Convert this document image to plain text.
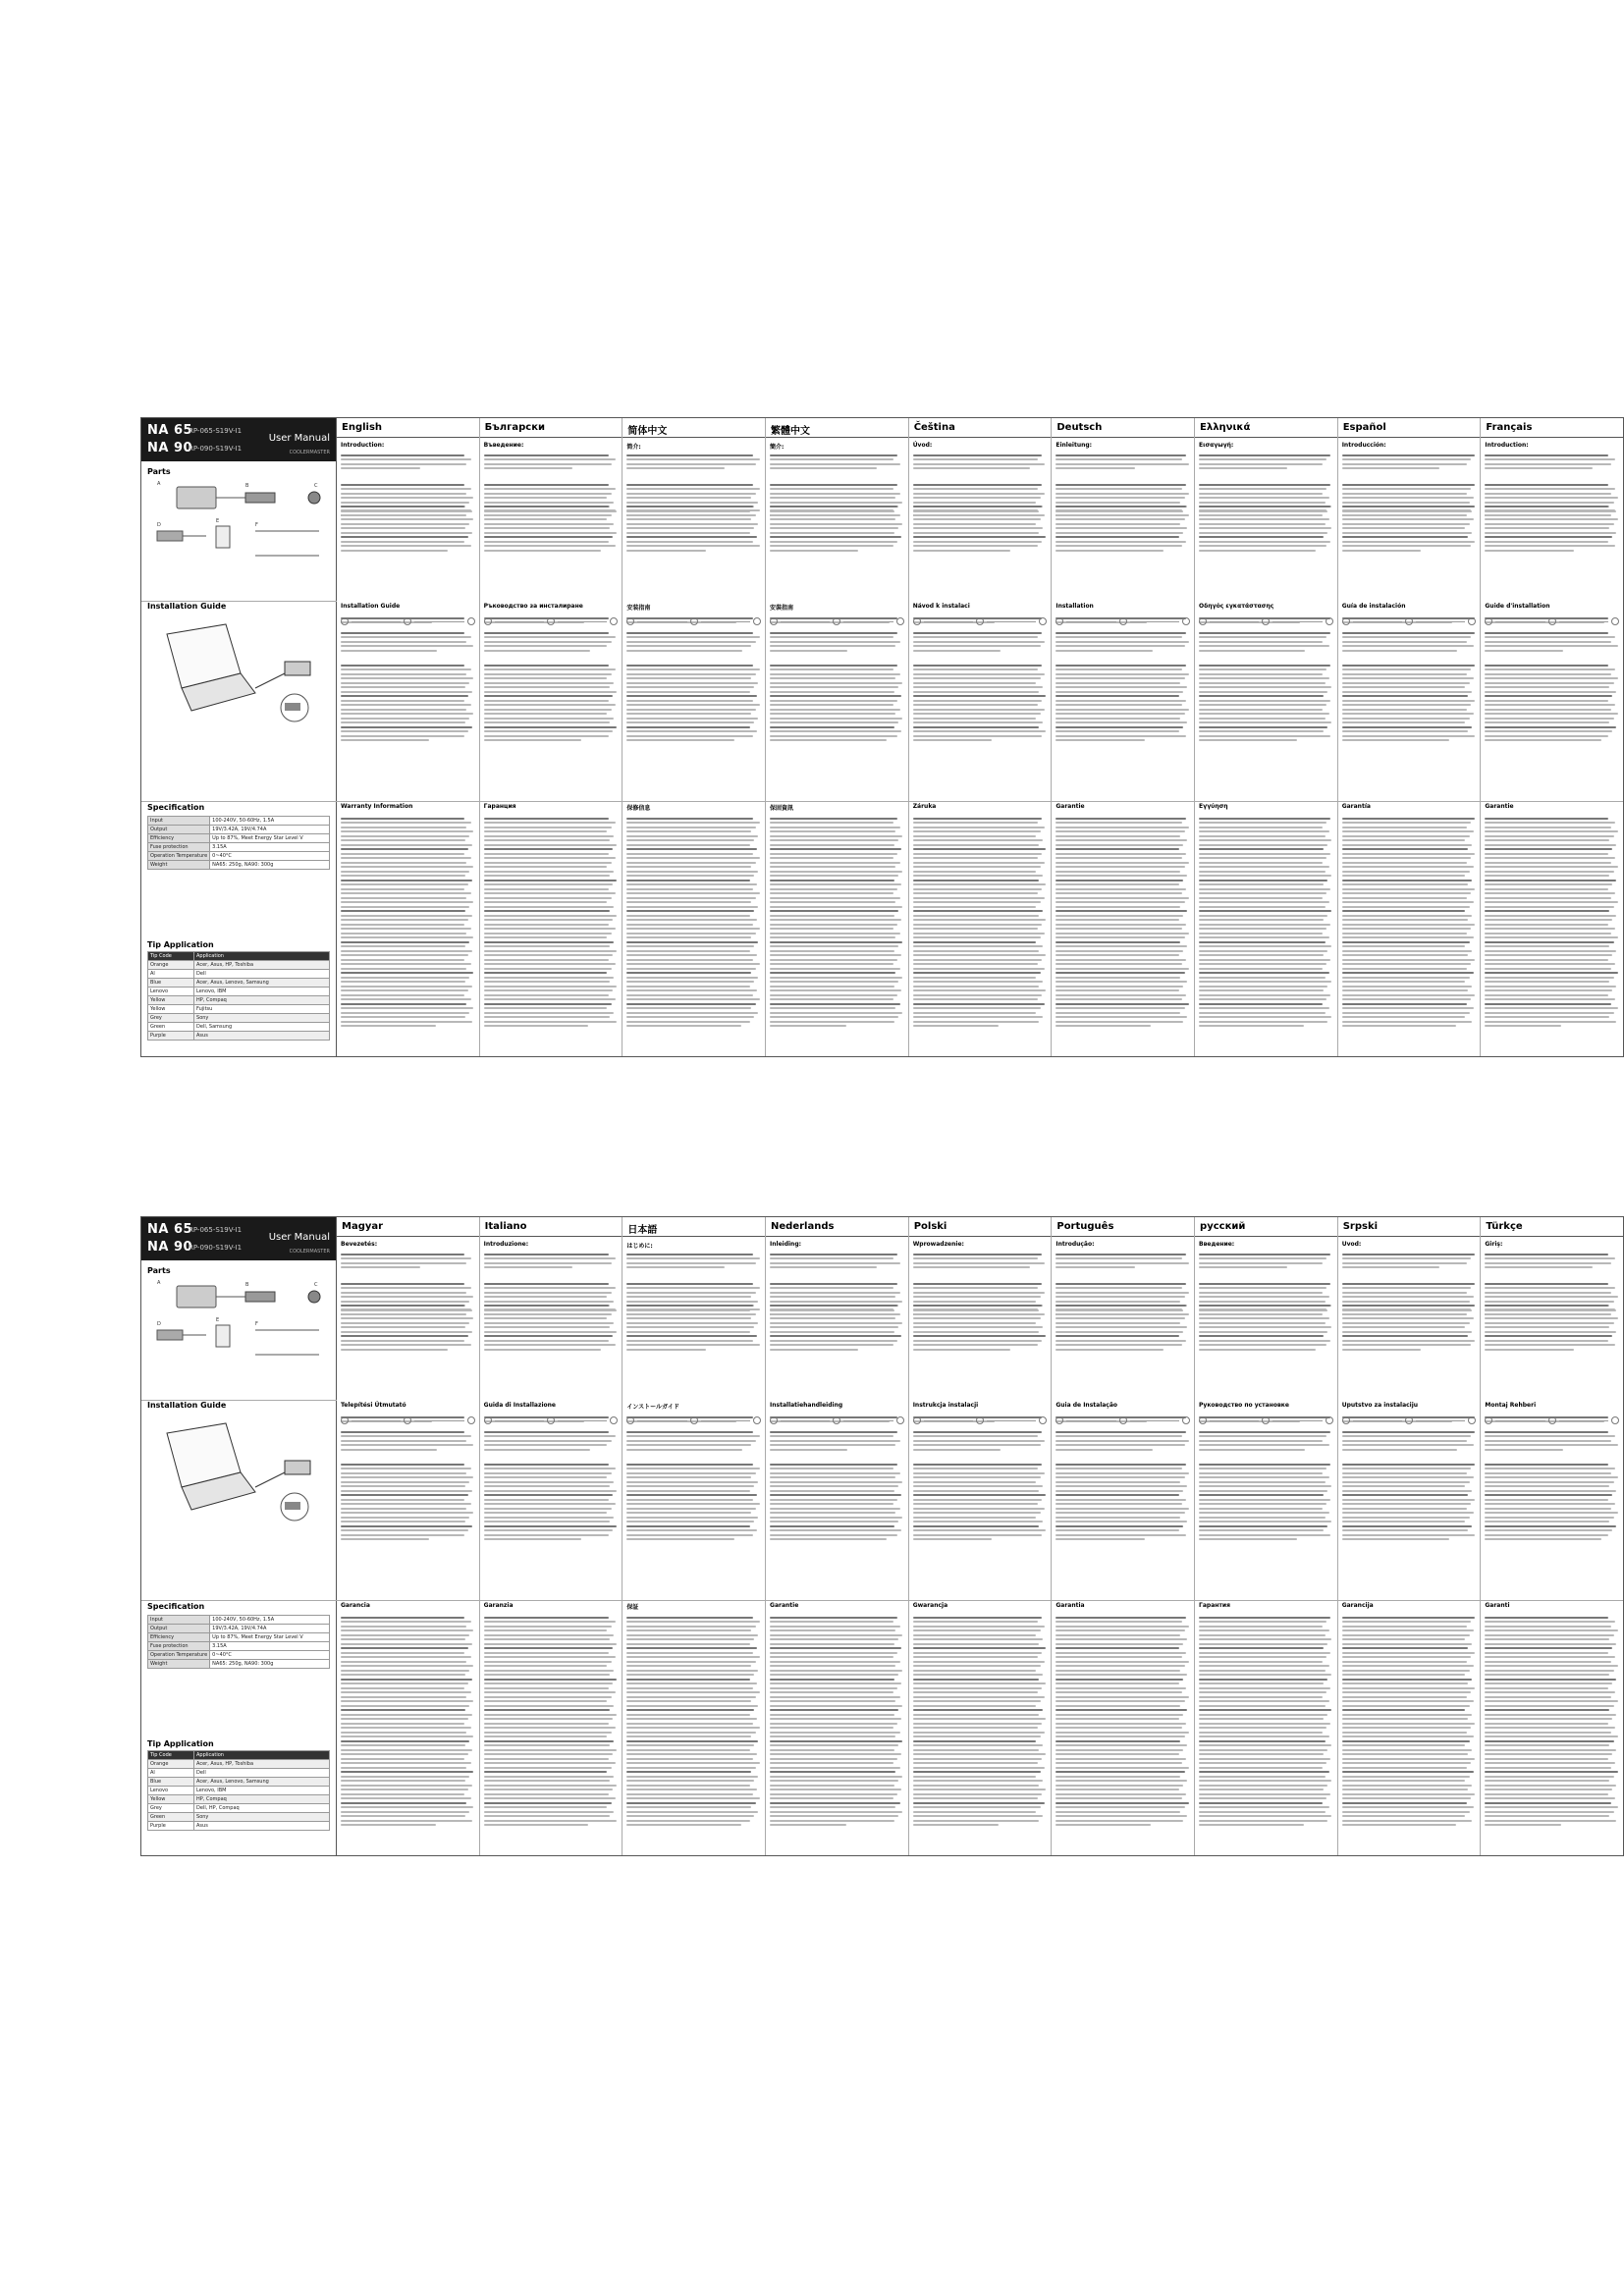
NA 65
NA 90
RP-065-S19V-I1
RP-090-S19V-I1
User Manual
COOLERMASTER
Parts
A	B	C
D
E
F
Installation Guide
Specification
Input	100-240V, 50-60Hz, 1.5A
Output	19V/3.42A, 19V/4.74A
Efficiency	Up to 87%, Meet Energy Star Level V
Fuse protection	3.15A
Operation Temperature	0~40°C
Weight	NA65: 250g, NA90: 300g
Tip Application
Tip Code	Application
Orange	Acer, Asus, HP, Toshiba
Al	Dell
Blue	Acer, Asus, Lenovo, Samsung
Lenovo	Lenovo, IBM
Yellow	HP, Compaq
Yellow	Fujitsu
Grey	Sony
Green	Dell, Samsung
Purple	Asus
English
Introduction:
Installation Guide
Warranty Information
Български
Въведение:
Ръководство за инсталиране
Гаранция
简体中文
简介:
安装指南
保修信息
繁體中文
簡介:
安裝指南
保固資訊
Čeština
Úvod:
Návod k instalaci
Záruka
Deutsch
Einleitung:
Installation
Garantie
Ελληνικά
Εισαγωγή:
Οδηγός εγκατάστασης
Εγγύηση
Español
Introducción:
Guía de instalación
Garantía
Français
Introduction:
Guide d'installation
Garantie
NA 65
NA 90
RP-065-S19V-I1
RP-090-S19V-I1
User Manual
COOLERMASTER
Parts
A	B	C
D
E
F
Installation Guide
Specification
Input	100-240V, 50-60Hz, 1.5A
Output	19V/3.42A, 19V/4.74A
Efficiency	Up to 87%, Meet Energy Star Level V
Fuse protection	3.15A
Operation Temperature	0~40°C
Weight	NA65: 250g, NA90: 300g
Tip Application
Tip Code	Application
Orange	Acer, Asus, HP, Toshiba
Al	Dell
Blue	Acer, Asus, Lenovo, Samsung
Lenovo	Lenovo, IBM
Yellow	HP, Compaq
Grey	Dell, HP, Compaq
Green	Sony
Purple	Asus
Magyar
Bevezetés:
Telepítési Útmutató
Garancia
Italiano
Introduzione:
Guida di Installazione
Garanzia
日本語
はじめに:
インストールガイド
保証
Nederlands
Inleiding:
Installatiehandleiding
Garantie
Polski
Wprowadzenie:
Instrukcja instalacji
Gwarancja
Português
Introdução:
Guia de Instalação
Garantia
русский
Введение:
Руководство по установке
Гарантия
Srpski
Uvod:
Uputstvo za instalaciju
Garancija
Türkçe
Giriş:
Montaj Rehberi
Garanti
